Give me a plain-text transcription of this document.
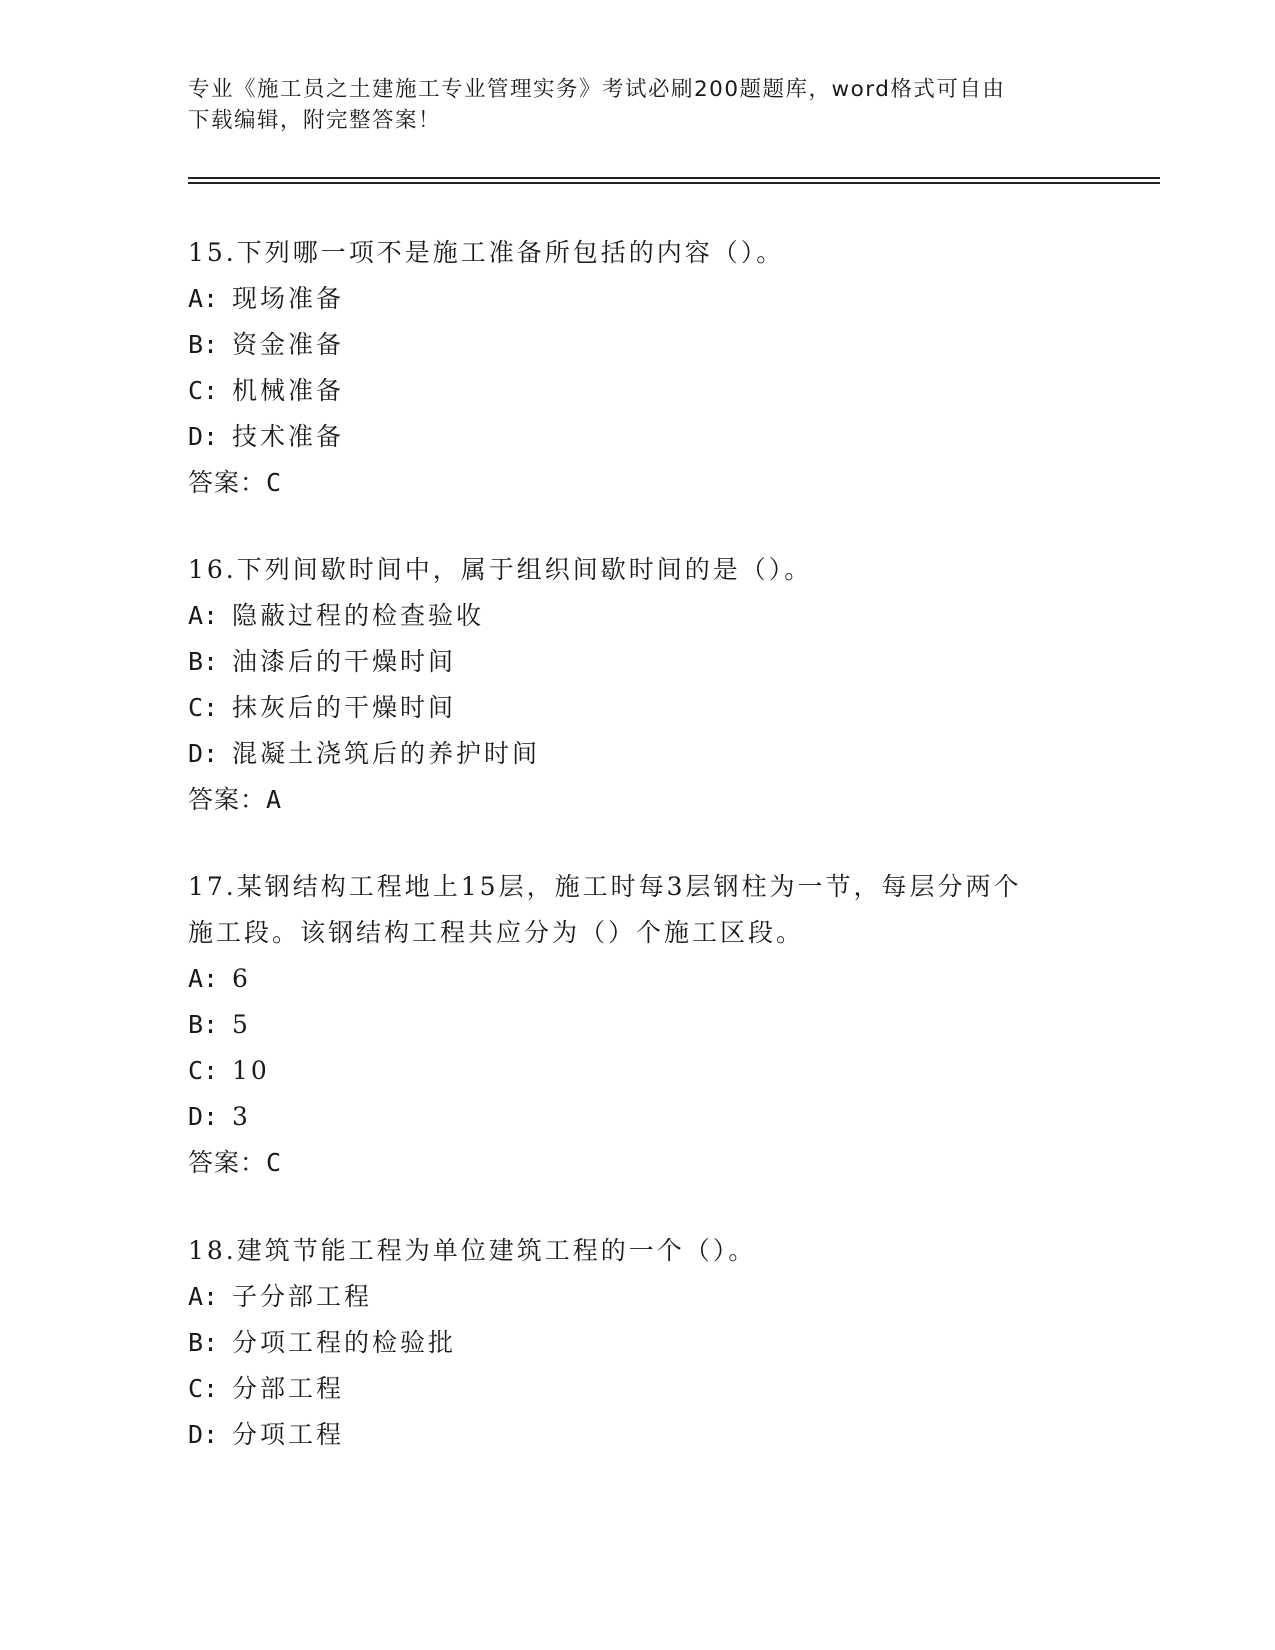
专业《施工员之土建施工专业管理实务》考试必刷200题题库，word格式可自由
下载编辑，附完整答案！
15.下列哪一项不是施工准备所包括的内容（）。
A: 现场准备
B: 资金准备
C: 机械准备
D: 技术准备
答案：C
16.下列间歇时间中，属于组织间歇时间的是（）。
A: 隐蔽过程的检查验收
B: 油漆后的干燥时间
C: 抹灰后的干燥时间
D: 混凝土浇筑后的养护时间
答案：A
17.某钢结构工程地上15层，施工时每3层钢柱为一节，每层分两个
施工段。该钢结构工程共应分为（）个施工区段。
A: 6
B: 5
C: 10
D: 3
答案：C
18.建筑节能工程为单位建筑工程的一个（）。
A: 子分部工程
B: 分项工程的检验批
C: 分部工程
D: 分项工程
